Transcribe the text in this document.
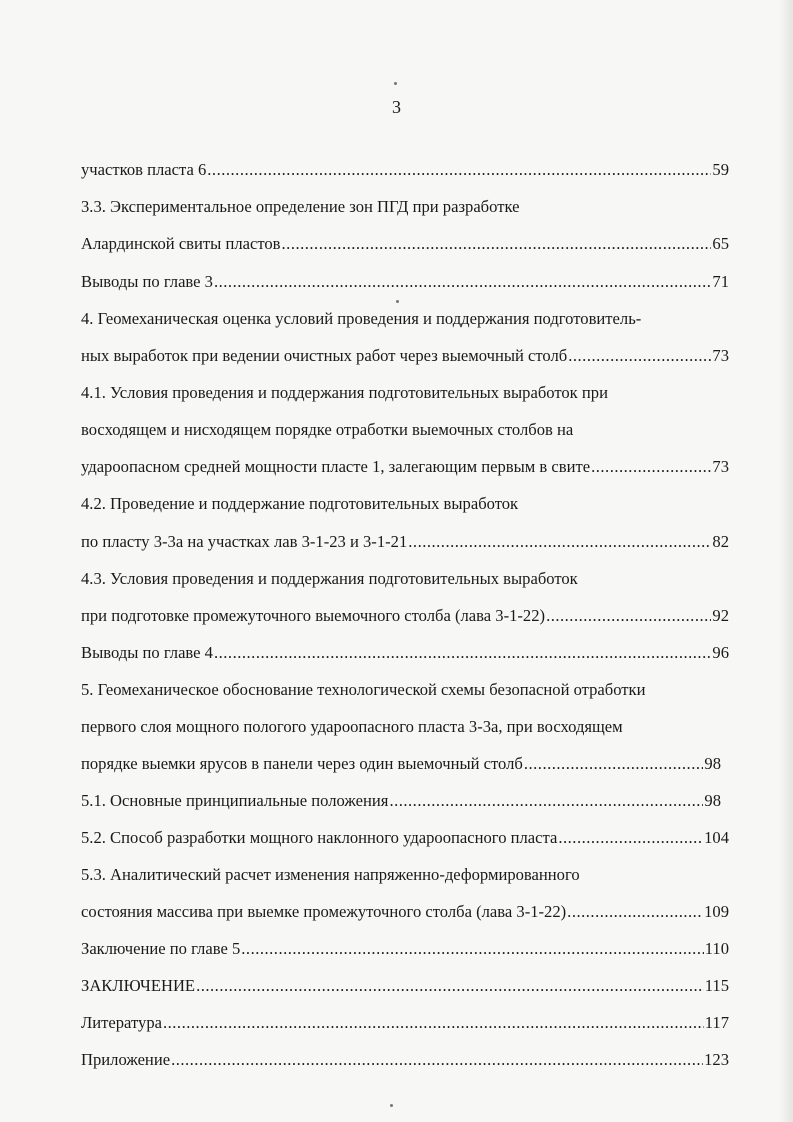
3
участков пласта 6 .....	59
3.3. Экспериментальное определение зон ПГД при разработке
Алардинской свиты пластов .....	65
Выводы по главе 3 .....	71
4. Геомеханическая оценка условий проведения и поддержания подготовитель-
ных выработок при ведении очистных работ через выемочный столб .....	73
4.1. Условия проведения и поддержания подготовительных выработок при
восходящем и нисходящем порядке отработки выемочных столбов на
удароопасном средней мощности пласте 1, залегающим первым в свите .....	73
4.2. Проведение и поддержание подготовительных выработок
по пласту 3-3а на участках лав 3-1-23 и 3-1-21 .....	82
4.3. Условия проведения и поддержания подготовительных выработок
при подготовке промежуточного выемочного столба (лава 3-1-22) .....	92
Выводы по главе 4 .....	96
5. Геомеханическое обоснование технологической схемы безопасной отработки
первого слоя мощного пологого удароопасного пласта 3-3а, при восходящем
порядке выемки ярусов в панели через один выемочный столб .....	98
5.1. Основные принципиальные положения .....	98
5.2. Способ разработки мощного наклонного удароопасного пласта .....	104
5.3. Аналитический расчет изменения напряженно-деформированного
состояния массива при выемке промежуточного столба (лава 3-1-22) .....	109
Заключение по главе 5 .....	110
ЗАКЛЮЧЕНИЕ .....	115
Литература .....	117
Приложение .....	123
